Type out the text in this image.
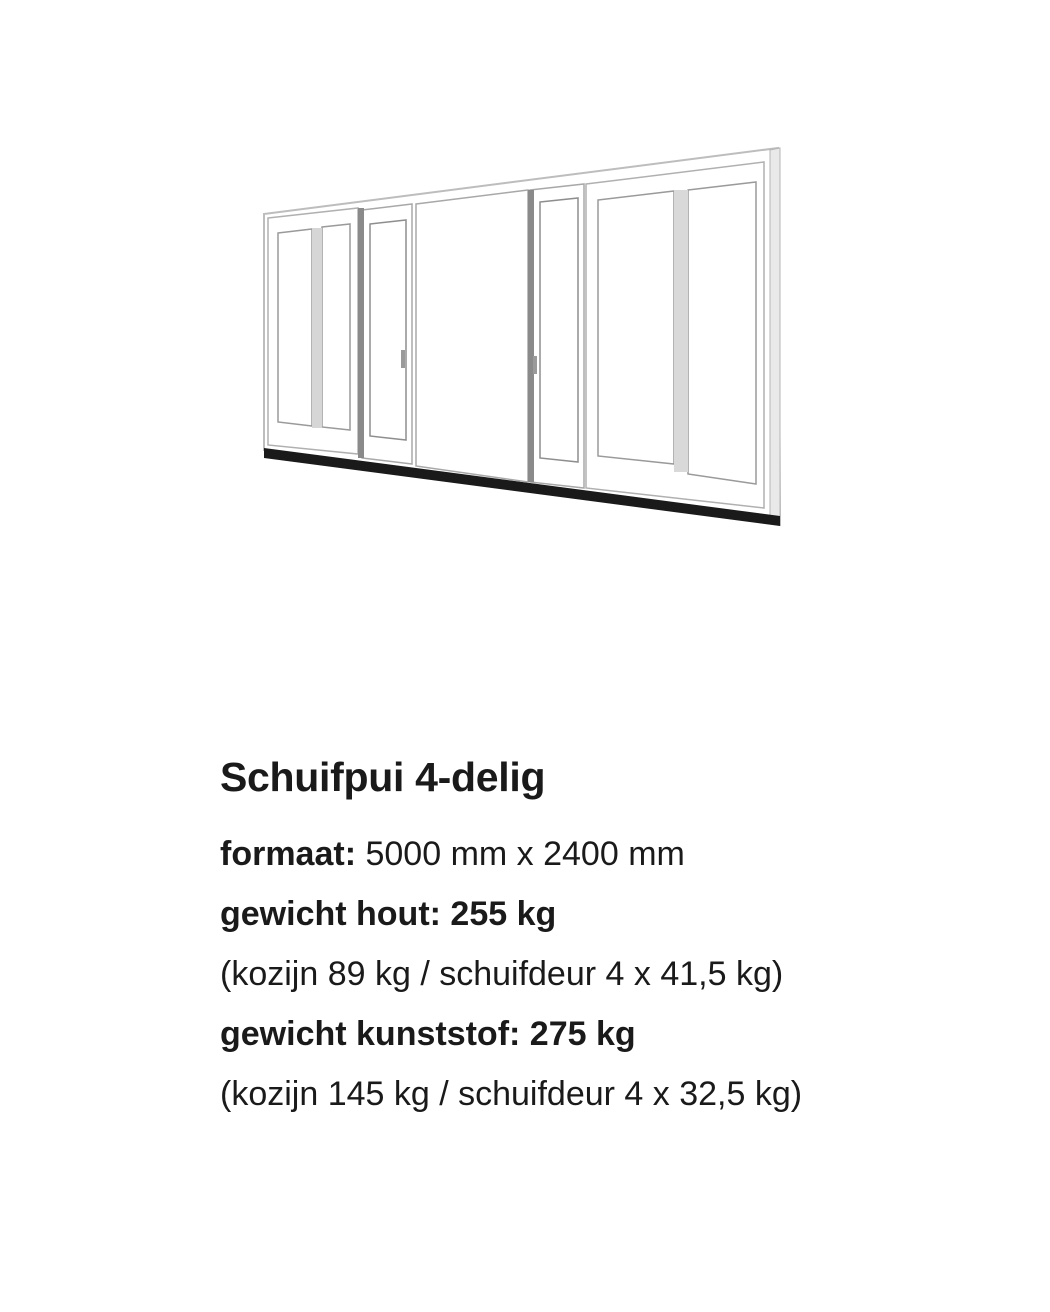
Schuifpui 4-delig

formaat: 5000 mm x 2400 mm

gewicht hout: 255 kg

(kozijn 89 kg / schuifdeur 4 x 41,5 kg)

gewicht kunststof: 275 kg

(kozijn 145 kg / schuifdeur 4 x 32,5 kg)
